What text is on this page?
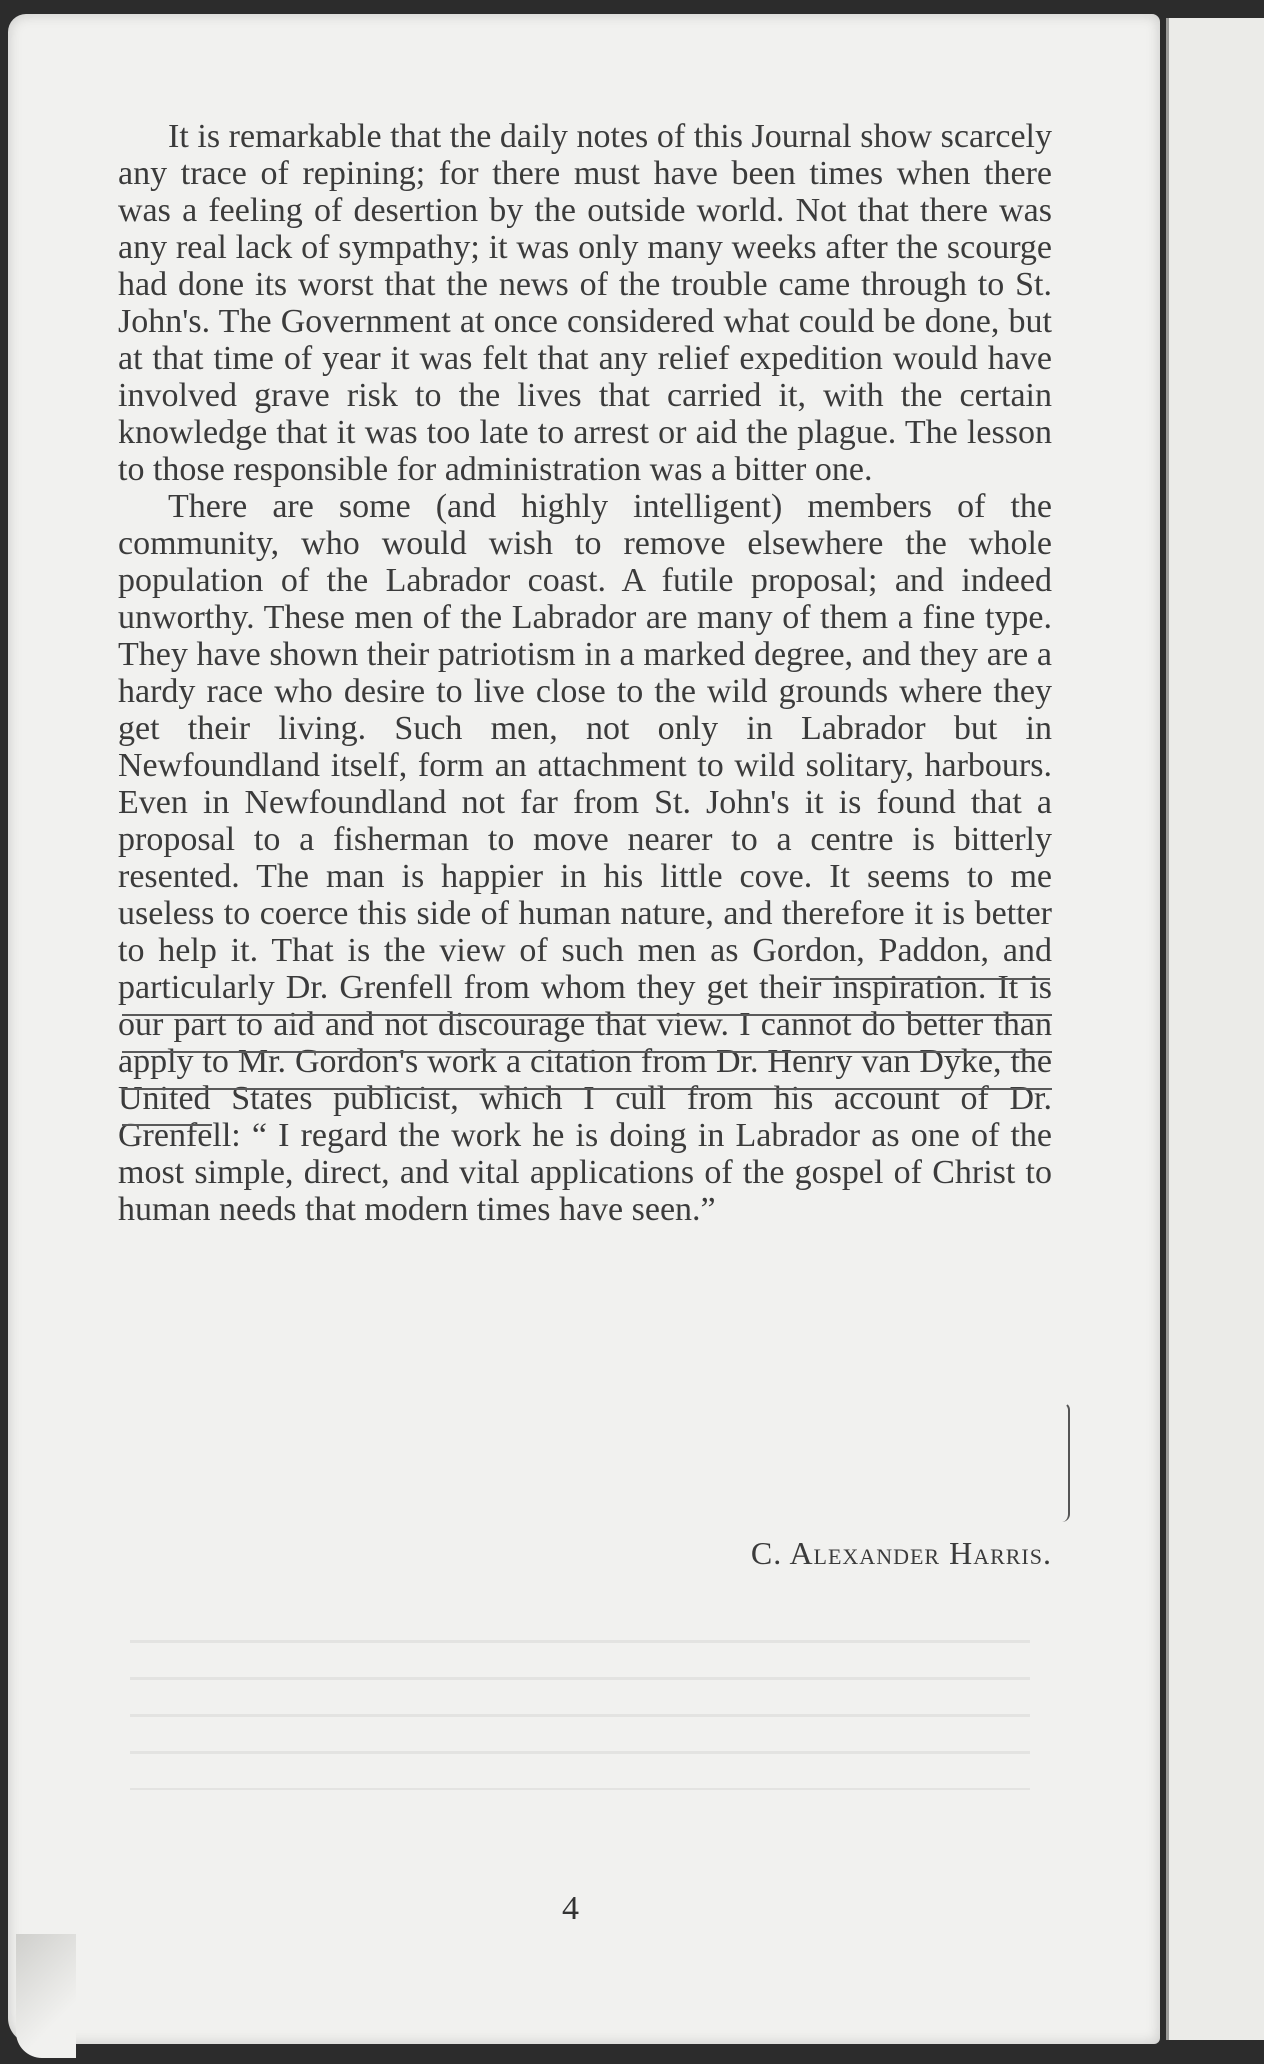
It is remarkable that the daily notes of this Journal show scarcely any trace of repining; for there must have been times when there was a feeling of desertion by the outside world. Not that there was any real lack of sympathy; it was only many weeks after the scourge had done its worst that the news of the trouble came through to St. John's. The Government at once considered what could be done, but at that time of year it was felt that any relief expedition would have involved grave risk to the lives that carried it, with the certain knowledge that it was too late to arrest or aid the plague. The lesson to those responsible for administration was a bitter one.

There are some (and highly intelligent) members of the community, who would wish to remove elsewhere the whole population of the Labrador coast. A futile proposal; and indeed unworthy. These men of the Labrador are many of them a fine type. They have shown their patriotism in a marked degree, and they are a hardy race who desire to live close to the wild grounds where they get their living. Such men, not only in Labrador but in Newfoundland itself, form an attachment to wild solitary, harbours. Even in Newfoundland not far from St. John's it is found that a proposal to a fisherman to move nearer to a centre is bitterly resented. The man is happier in his little cove. It seems to me useless to coerce this side of human nature, and therefore it is better to help it. That is the view of such men as Gordon, Paddon, and particularly Dr. Grenfell from whom they get their inspiration. It is our part to aid and not discourage that view. I cannot do better than apply to Mr. Gordon's work a citation from Dr. Henry van Dyke, the United States publicist, which I cull from his account of Dr. Grenfell: “ I regard the work he is doing in Labrador as one of the most simple, direct, and vital applications of the gospel of Christ to human needs that modern times have seen.”

C. Alexander Harris.
4
